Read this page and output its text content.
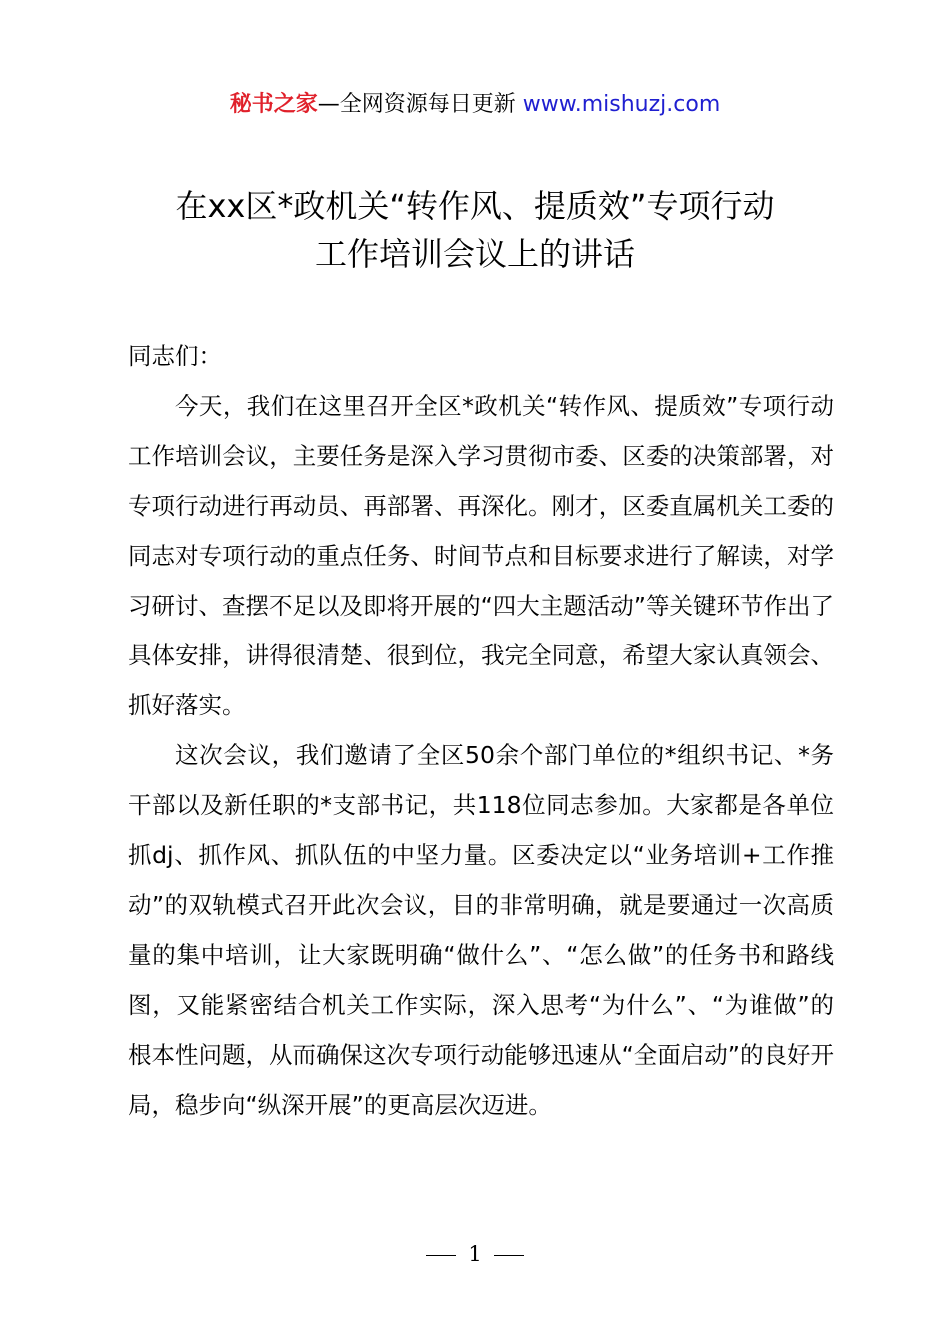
秘书之家—全网资源每日更新 www.mishuzj.com
在xx区*政机关“转作风、提质效”专项行动
工作培训会议上的讲话

同志们：

今天，我们在这里召开全区*政机关“转作风、提质效”专项行动工作培训会议，主要任务是深入学习贯彻市委、区委的决策部署，对专项行动进行再动员、再部署、再深化。刚才，区委直属机关工委的同志对专项行动的重点任务、时间节点和目标要求进行了解读，对学习研讨、查摆不足以及即将开展的“四大主题活动”等关键环节作出了具体安排，讲得很清楚、很到位，我完全同意，希望大家认真领会、抓好落实。

这次会议，我们邀请了全区50余个部门单位的*组织书记、*务干部以及新任职的*支部书记，共118位同志参加。大家都是各单位抓dj、抓作风、抓队伍的中坚力量。区委决定以“业务培训+工作推动”的双轨模式召开此次会议，目的非常明确，就是要通过一次高质量的集中培训，让大家既明确“做什么”、“怎么做”的任务书和路线图，又能紧密结合机关工作实际，深入思考“为什么”、“为谁做”的根本性问题，从而确保这次专项行动能够迅速从“全面启动”的良好开局，稳步向“纵深开展”的更高层次迈进。

1
